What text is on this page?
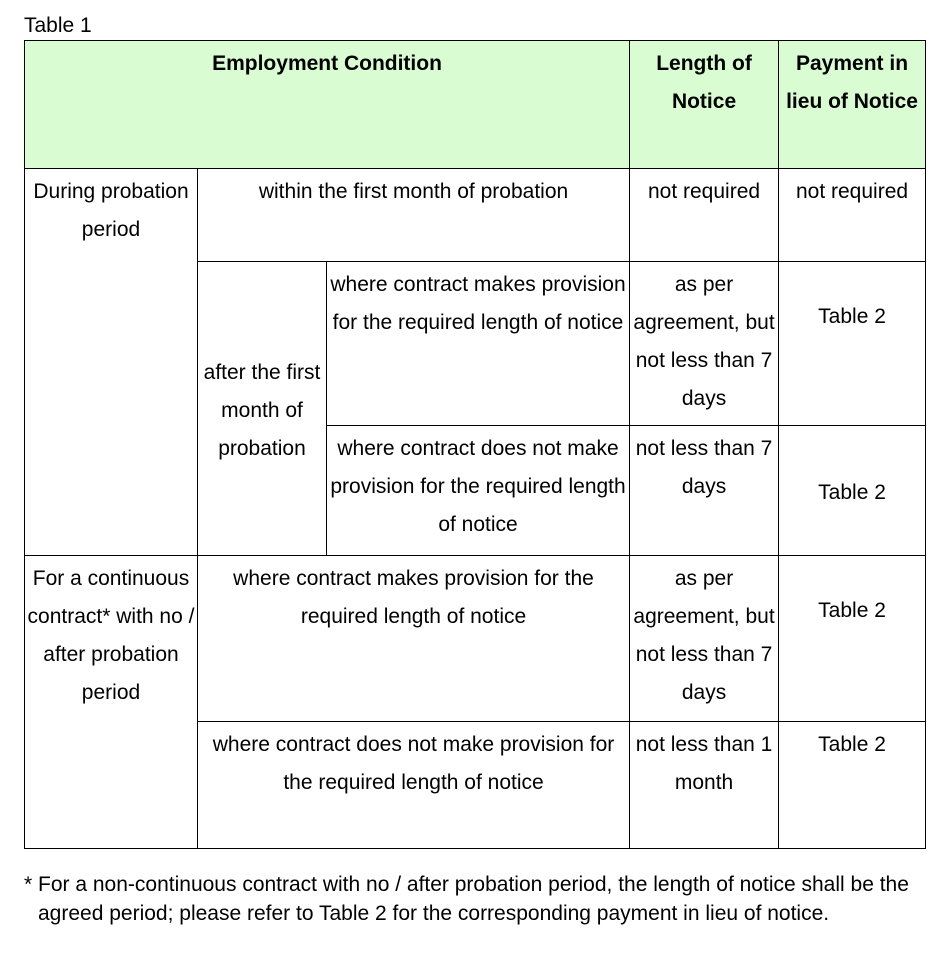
Table 1
Employment Condition			Length of Notice	Payment in lieu of Notice
During probation period	within the first month of probation		not required	not required
	after the first month of probation	where contract makes provision for the required length of notice	as per agreement, but not less than 7 days	Table 2
		where contract does not make provision for the required length of notice	not less than 7 days	Table 2
For a continuous contract* with no / after probation period	where contract makes provision for the required length of notice		as per agreement, but not less than 7 days	Table 2
	where contract does not make provision for the required length of notice		not less than 1 month	Table 2
* For a non-continuous contract with no / after probation period, the length of notice shall be the agreed period; please refer to Table 2 for the corresponding payment in lieu of notice.
